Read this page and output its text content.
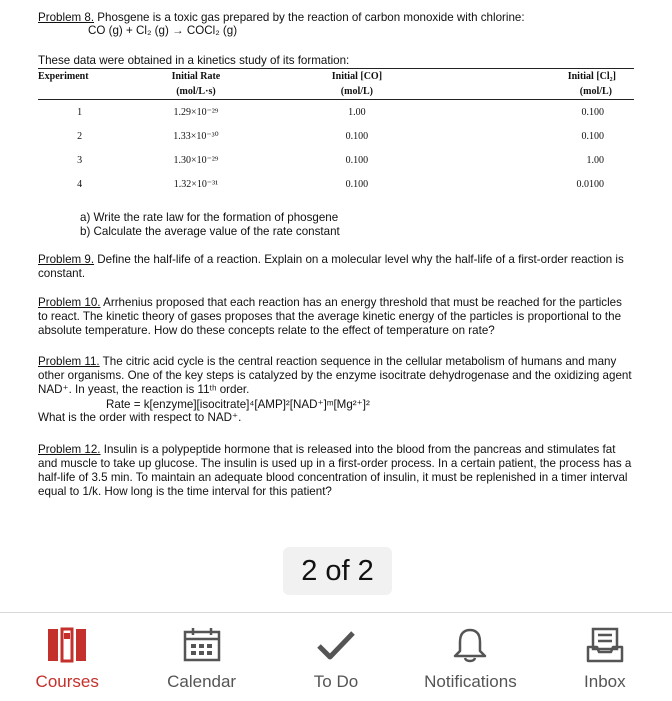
Problem 8. Phosgene is a toxic gas prepared by the reaction of carbon monoxide with chlorine:
CO (g) + Cl₂ (g) → COCl₂ (g)
These data were obtained in a kinetics study of its formation:
Experiment	Initial Rate	Initial [CO]	Initial [Cl₂]
	(mol/L·s)	(mol/L)	(mol/L)
1	1.29×10⁻²⁹	1.00	0.100
2	1.33×10⁻³⁰	0.100	0.100
3	1.30×10⁻²⁹	0.100	1.00
4	1.32×10⁻³¹	0.100	0.0100
a) Write the rate law for the formation of phosgene
b) Calculate the average value of the rate constant
Problem 9. Define the half-life of a reaction. Explain on a molecular level why the half-life of a first-order reaction is constant.
Problem 10. Arrhenius proposed that each reaction has an energy threshold that must be reached for the particles to react. The kinetic theory of gases proposes that the average kinetic energy of the particles is proportional to the absolute temperature. How do these concepts relate to the effect of temperature on rate?
Problem 11. The citric acid cycle is the central reaction sequence in the cellular metabolism of humans and many other organisms. One of the key steps is catalyzed by the enzyme isocitrate dehydrogenase and the oxidizing agent NAD⁺. In yeast, the reaction is 11ᵗʰ order.
Rate = k[enzyme][isocitrate]⁴[AMP]²[NAD⁺]ᵐ[Mg²⁺]²
What is the order with respect to NAD⁺.
Problem 12. Insulin is a polypeptide hormone that is released into the blood from the pancreas and stimulates fat and muscle to take up glucose. The insulin is used up in a first-order process. In a certain patient, the process has a half-life of 3.5 min. To maintain an adequate blood concentration of insulin, it must be replenished in a timer interval equal to 1/k. How long is the time interval for this patient?
2 of 2
Courses	Calendar	To Do	Notifications	Inbox
